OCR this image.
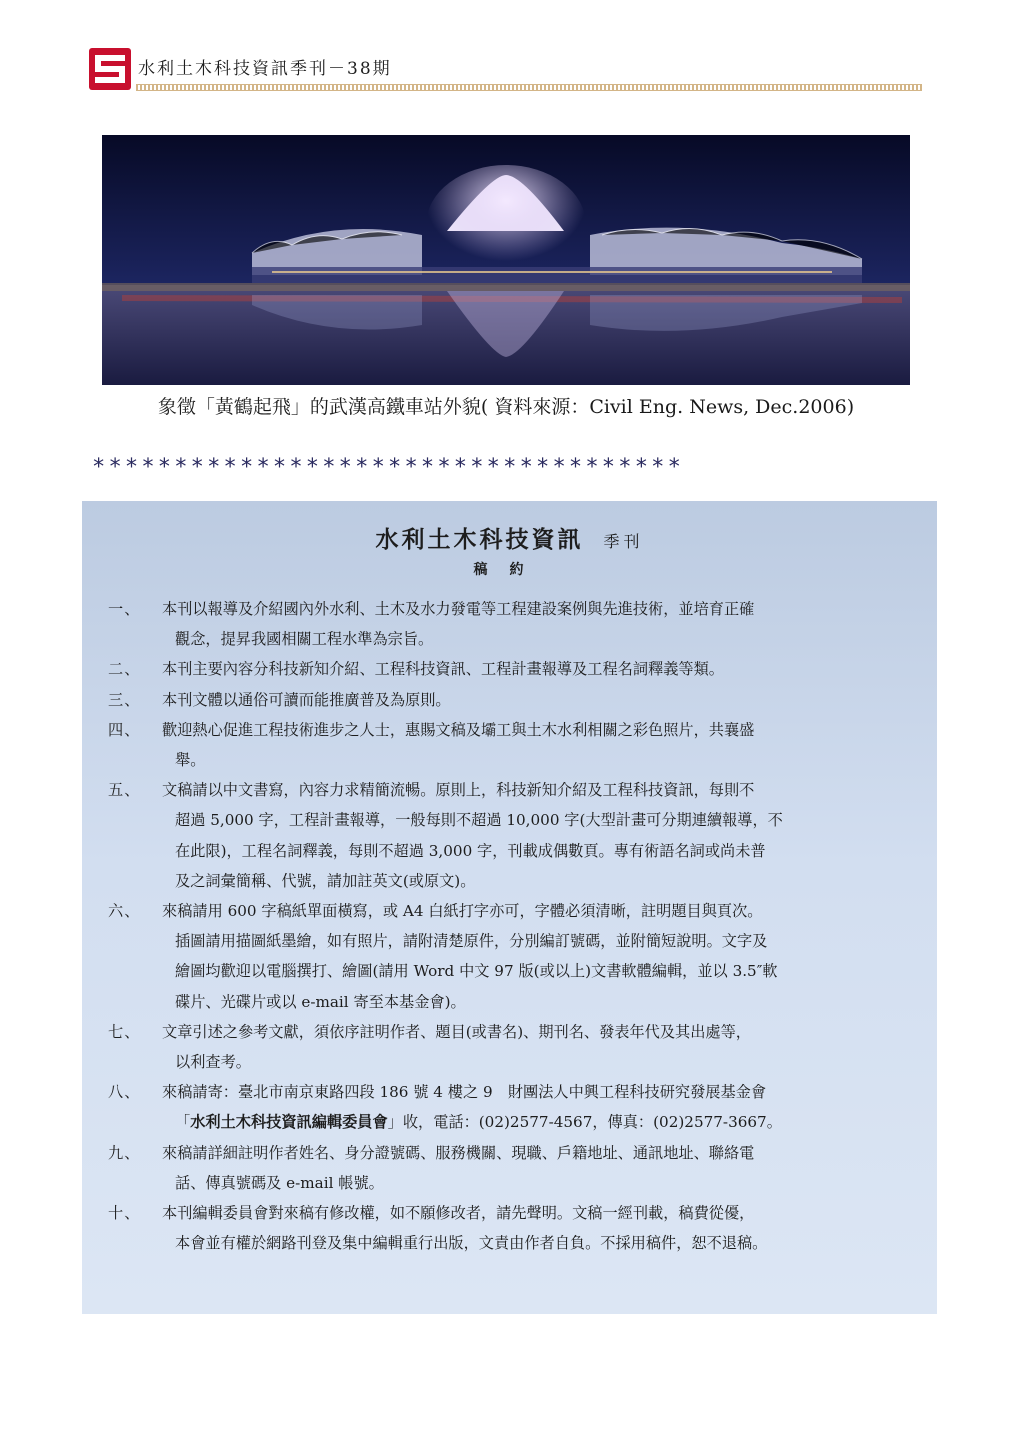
水利土木科技資訊季刊－38期
象徵「黃鶴起飛」的武漢高鐵車站外貌( 資料來源：Civil Eng. News, Dec.2006)
************************************
水利土木科技資訊 季刊
稿約
一、	本刊以報導及介紹國內外水利、土木及水力發電等工程建設案例與先進技術，並培育正確
觀念，提昇我國相關工程水準為宗旨。
二、	本刊主要內容分科技新知介紹、工程科技資訊、工程計畫報導及工程名詞釋義等類。
三、	本刊文體以通俗可讀而能推廣普及為原則。
四、	歡迎熱心促進工程技術進步之人士，惠賜文稿及壩工與土木水利相關之彩色照片，共襄盛
舉。
五、	文稿請以中文書寫，內容力求精簡流暢。原則上，科技新知介紹及工程科技資訊，每則不
超過 5,000 字，工程計畫報導，一般每則不超過 10,000 字(大型計畫可分期連續報導，不
在此限)，工程名詞釋義，每則不超過 3,000 字，刊載成偶數頁。專有術語名詞或尚未普
及之詞彙簡稱、代號，請加註英文(或原文)。
六、	來稿請用 600 字稿紙單面橫寫，或 A4 白紙打字亦可，字體必須清晰，註明題目與頁次。
插圖請用描圖紙墨繪，如有照片，請附清楚原件，分別編訂號碼，並附簡短說明。文字及
繪圖均歡迎以電腦撰打、繪圖(請用 Word 中文 97 版(或以上)文書軟體編輯，並以 3.5″軟
碟片、光碟片或以 e-mail 寄至本基金會)。
七、	文章引述之參考文獻，須依序註明作者、題目(或書名)、期刊名、發表年代及其出處等，
以利查考。
八、	來稿請寄：臺北市南京東路四段 186 號 4 樓之 9　財團法人中興工程科技研究發展基金會
「水利土木科技資訊編輯委員會」收，電話：(02)2577-4567，傳真：(02)2577-3667。
九、	來稿請詳細註明作者姓名、身分證號碼、服務機關、現職、戶籍地址、通訊地址、聯絡電
話、傳真號碼及 e-mail 帳號。
十、	本刊編輯委員會對來稿有修改權，如不願修改者，請先聲明。文稿一經刊載，稿費從優，
本會並有權於網路刊登及集中編輯重行出版，文責由作者自負。不採用稿件，恕不退稿。
